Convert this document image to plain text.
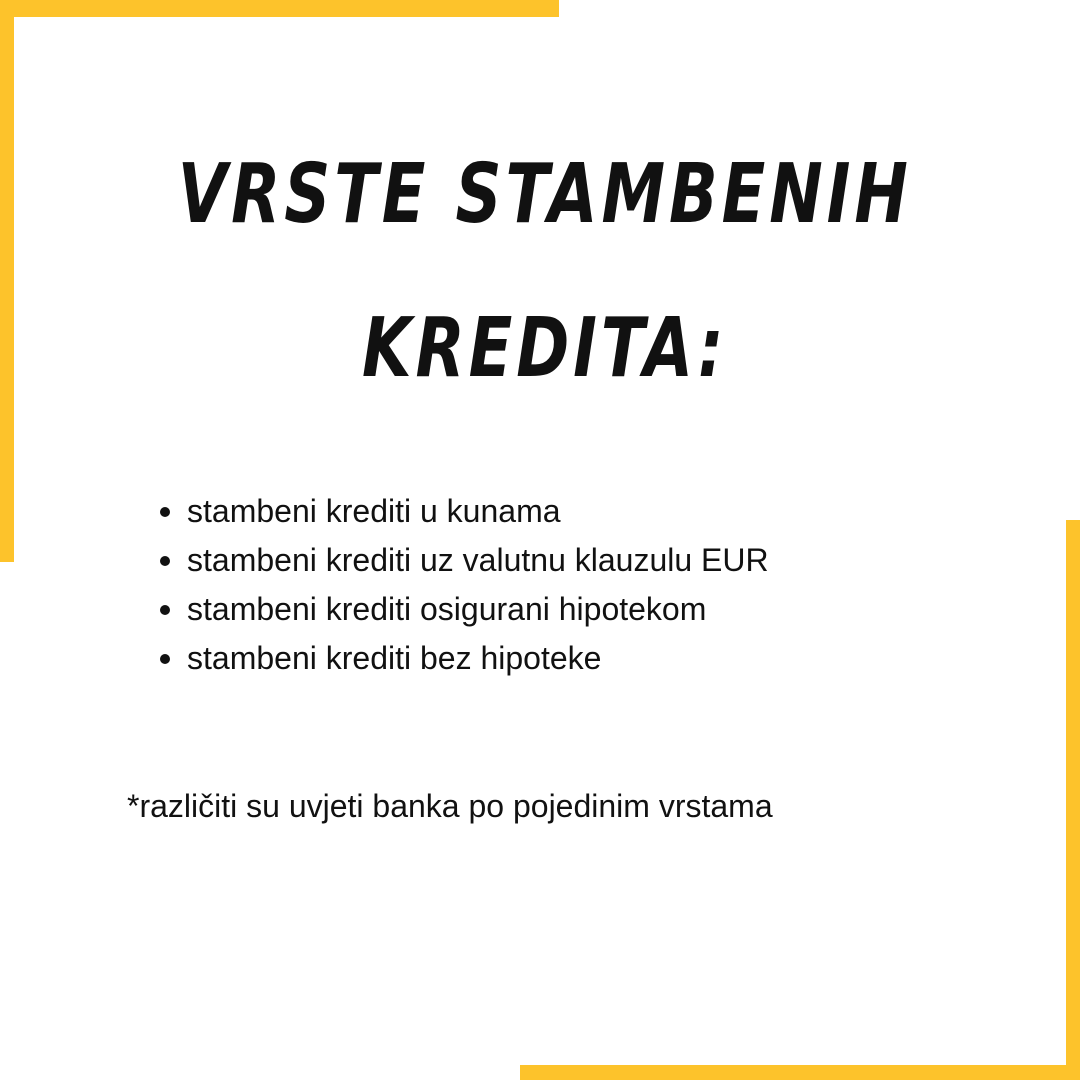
VRSTE STAMBENIH
KREDITA:
stambeni krediti u kunama
stambeni krediti uz valutnu klauzulu EUR
stambeni krediti osigurani hipotekom
stambeni krediti bez hipoteke

*različiti su uvjeti banka po pojedinim vrstama
